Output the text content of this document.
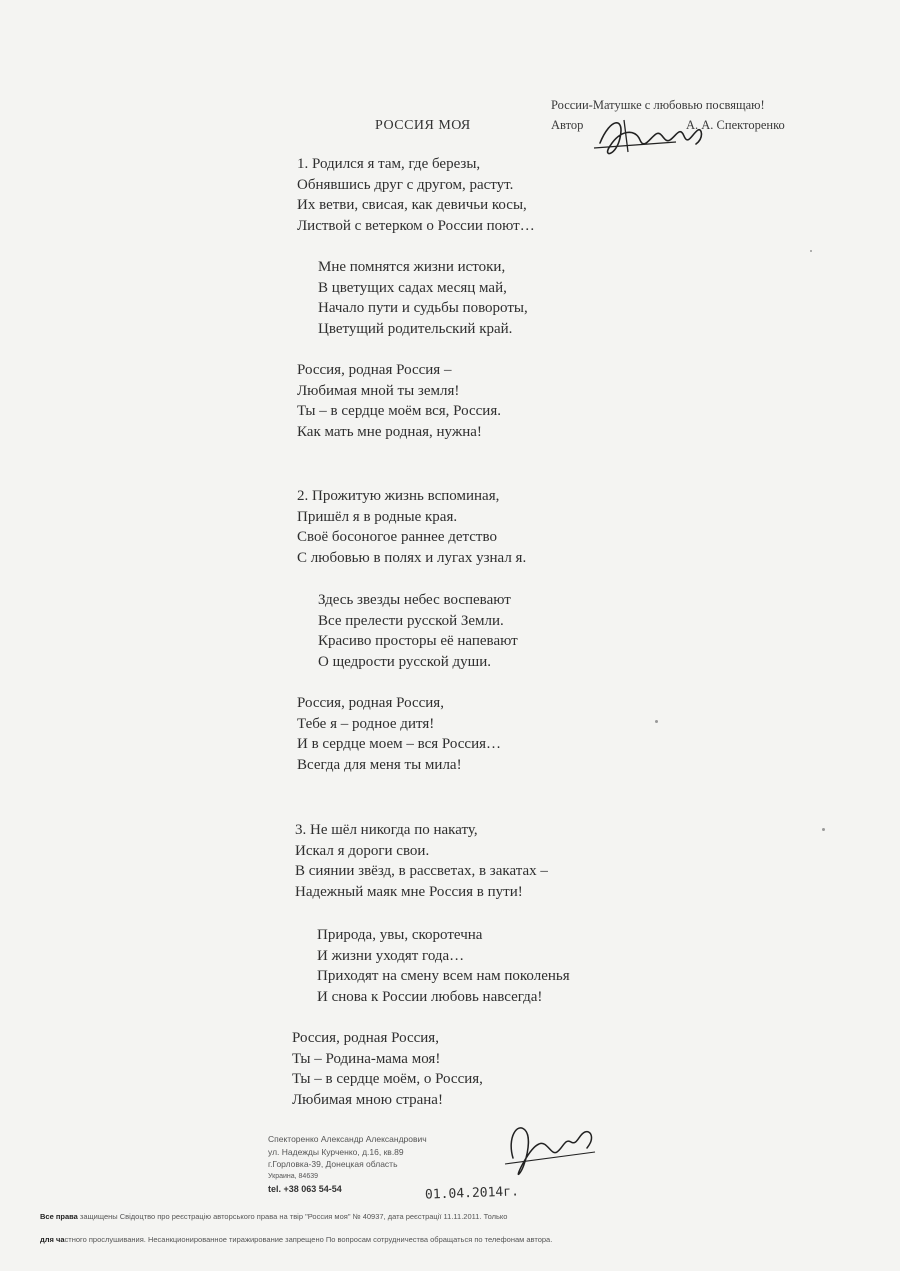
России-Матушке с любовью посвящаю!
Автор	А. А. Спекторенко
РОССИЯ МОЯ
1. Родился я там, где березы,
Обнявшись друг с другом, растут.
Их ветви, свисая, как девичьи косы,
Листвой с ветерком о России поют…
Мне помнятся жизни истоки,
В цветущих садах месяц май,
Начало пути и судьбы повороты,
Цветущий родительский край.
Россия, родная Россия –
Любимая мной ты земля!
Ты – в сердце моём вся, Россия.
Как мать мне родная, нужна!
2. Прожитую жизнь вспоминая,
Пришёл я в родные края.
Своё босоногое раннее детство
С любовью в полях и лугах узнал я.
Здесь звезды небес воспевают
Все прелести русской Земли.
Красиво просторы её напевают
О щедрости русской души.
Россия, родная Россия,
Тебе я – родное дитя!
И в сердце моем – вся Россия…
Всегда для меня ты мила!
3. Не шёл никогда по накату,
Искал я дороги свои.
В сиянии звёзд, в рассветах, в закатах –
Надежный маяк мне Россия в пути!
Природа, увы, скоротечна
И жизни уходят года…
Приходят на смену всем нам поколенья
И снова к России любовь навсегда!
Россия, родная Россия,
Ты – Родина-мама моя!
Ты – в сердце моём, о Россия,
Любимая мною страна!
Спекторенко Александр Александрович
ул. Надежды Курченко, д.16, кв.89
г.Горловка-39, Донецкая область
Украина, 84639
tel. +38 063 54-54	01.04.2014г.
Все права защищены Свідоцтво про реєстрацію авторського права на твір "Россия моя" № 40937, дата реєстрації 11.11.2011. Только
для частного прослушивания. Несанкционированное тиражирование запрещено По вопросам сотрудничества обращаться по телефонам автора.
